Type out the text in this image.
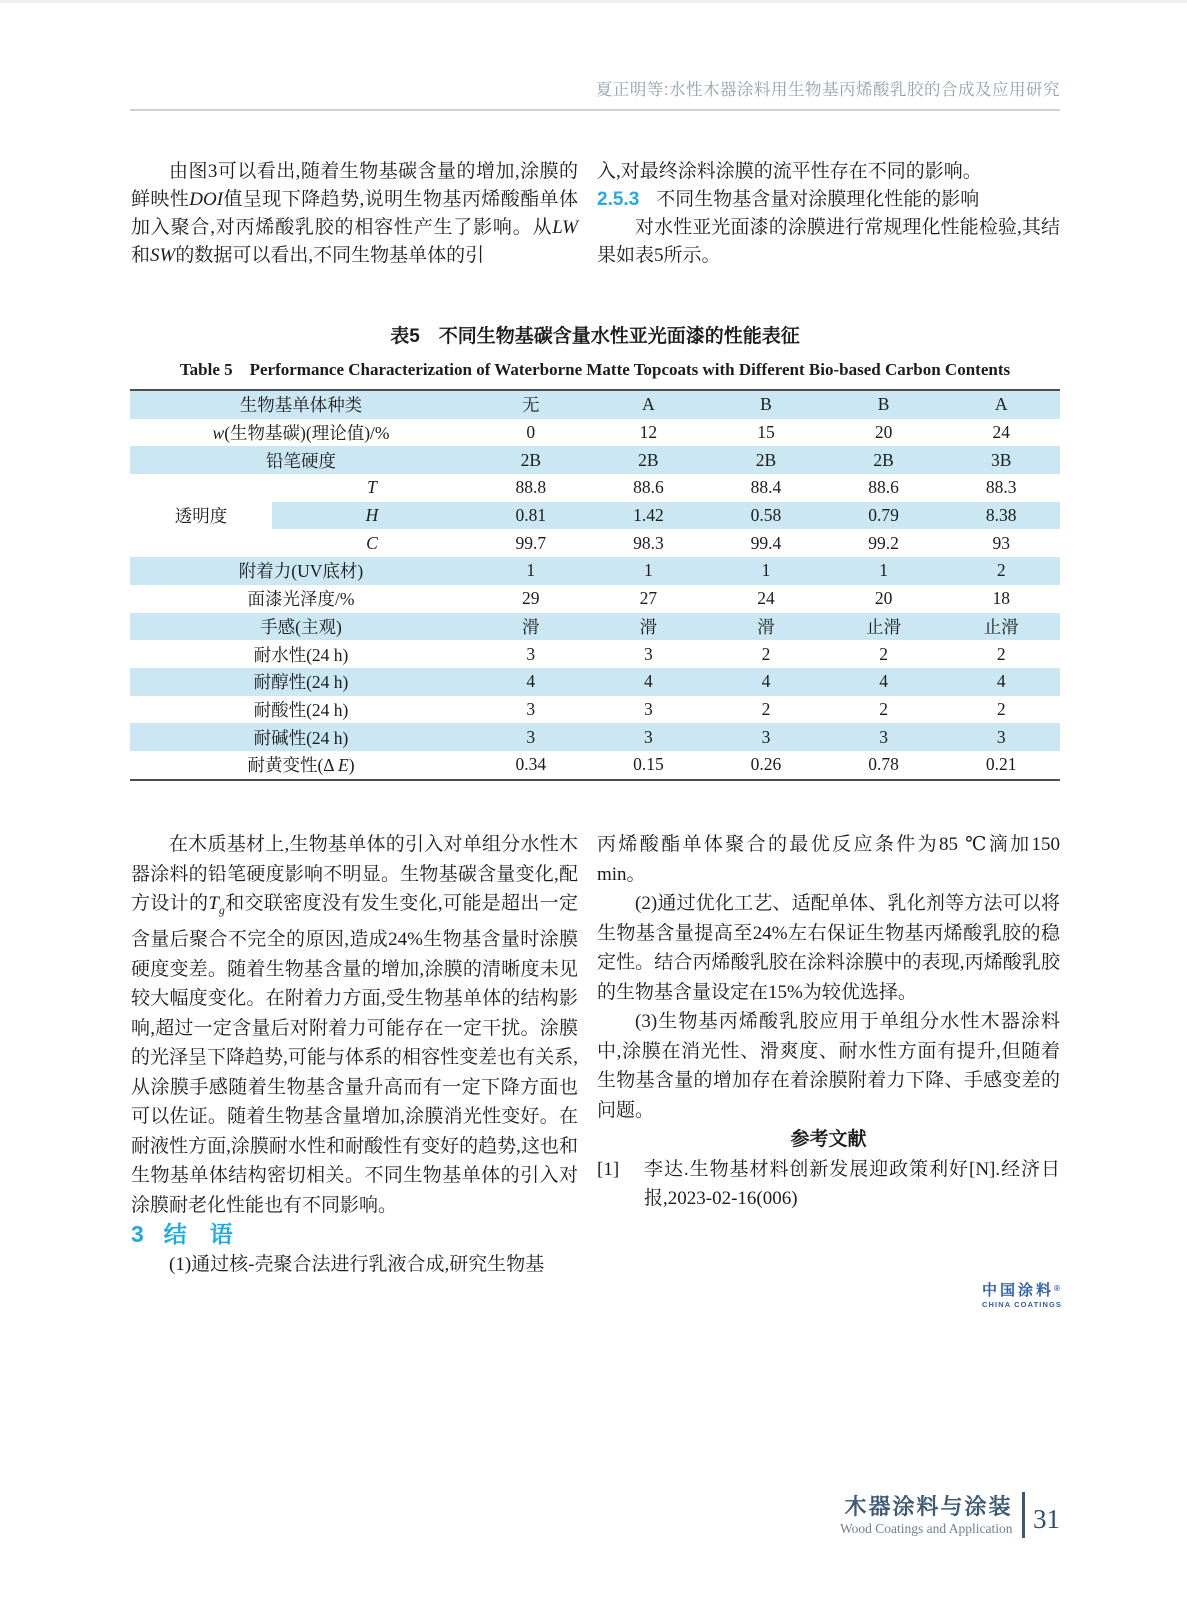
夏正明等:水性木器涂料用生物基丙烯酸乳胶的合成及应用研究

由图3可以看出,随着生物基碳含量的增加,涂膜的鲜映性DOI值呈现下降趋势,说明生物基丙烯酸酯单体加入聚合,对丙烯酸乳胶的相容性产生了影响。从LW和SW的数据可以看出,不同生物基单体的引

入,对最终涂料涂膜的流平性存在不同的影响。

2.5.3 不同生物基含量对涂膜理化性能的影响

对水性亚光面漆的涂膜进行常规理化性能检验,其结果如表5所示。

表5　不同生物基碳含量水性亚光面漆的性能表征
Table 5　Performance Characterization of Waterborne Matte Topcoats with Different Bio-based Carbon Contents
生物基单体种类		无	A	B	B	A
w(生物基碳)(理论值)/%		0	12	15	20	24
铅笔硬度		2B	2B	2B	2B	3B
透明度	T	88.8	88.6	88.4	88.6	88.3
	H	0.81	1.42	0.58	0.79	8.38
	C	99.7	98.3	99.4	99.2	93
附着力(UV底材)		1	1	1	1	2
面漆光泽度/%		29	27	24	20	18
手感(主观)		滑	滑	滑	止滑	止滑
耐水性(24 h)		3	3	2	2	2
耐醇性(24 h)		4	4	4	4	4
耐酸性(24 h)		3	3	2	2	2
耐碱性(24 h)		3	3	3	3	3
耐黄变性(Δ E)		0.34	0.15	0.26	0.78	0.21

在木质基材上,生物基单体的引入对单组分水性木器涂料的铅笔硬度影响不明显。生物基碳含量变化,配方设计的$T_g$和交联密度没有发生变化,可能是超出一定含量后聚合不完全的原因,造成24%生物基含量时涂膜硬度变差。随着生物基含量的增加,涂膜的清晰度未见较大幅度变化。在附着力方面,受生物基单体的结构影响,超过一定含量后对附着力可能存在一定干扰。涂膜的光泽呈下降趋势,可能与体系的相容性变差也有关系,从涂膜手感随着生物基含量升高而有一定下降方面也可以佐证。随着生物基含量增加,涂膜消光性变好。在耐液性方面,涂膜耐水性和耐酸性有变好的趋势,这也和生物基单体结构密切相关。不同生物基单体的引入对涂膜耐老化性能也有不同影响。

3 结　语

(1)通过核-壳聚合法进行乳液合成,研究生物基

丙烯酸酯单体聚合的最优反应条件为85 ℃滴加150 min。

(2)通过优化工艺、适配单体、乳化剂等方法可以将生物基含量提高至24%左右保证生物基丙烯酸乳胶的稳定性。结合丙烯酸乳胶在涂料涂膜中的表现,丙烯酸乳胶的生物基含量设定在15%为较优选择。

(3)生物基丙烯酸乳胶应用于单组分水性木器涂料中,涂膜在消光性、滑爽度、耐水性方面有提升,但随着生物基含量的增加存在着涂膜附着力下降、手感变差的问题。

参考文献

[1]	李达.生物基材料创新发展迎政策利好[N].经济日报,2023-02-16(006)
中国涂料®
CHINA COATINGS
木器涂料与涂装
Wood Coatings and Application 31
